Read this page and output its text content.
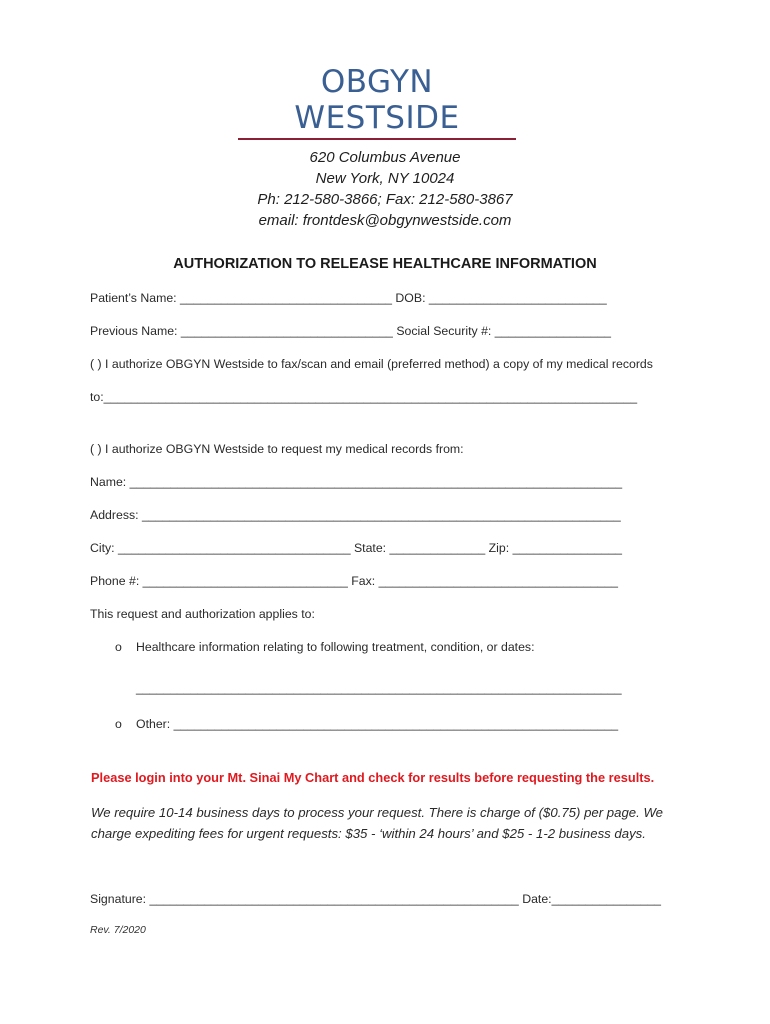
OBGYN WESTSIDE
620 Columbus Avenue
New York, NY 10024
Ph: 212-580-3866; Fax: 212-580-3867
email: frontdesk@obgynwestside.com
AUTHORIZATION TO RELEASE HEALTHCARE INFORMATION
Patient’s Name: _______________________________ DOB: __________________________
Previous Name: _______________________________ Social Security #: _________________
( ) I authorize OBGYN Westside to fax/scan and email (preferred method) a copy of my medical records
to:______________________________________________________________________________
( ) I authorize OBGYN Westside to request my medical records from:
Name: ________________________________________________________________________
Address: ______________________________________________________________________
City: __________________________________ State: ______________ Zip: ________________
Phone #: ______________________________ Fax: ___________________________________
This request and authorization applies to:
o Healthcare information relating to following treatment, condition, or dates:
_______________________________________________________________________
o Other: _________________________________________________________________
Please login into your Mt. Sinai My Chart and check for results before requesting the results.
We require 10-14 business days to process your request. There is charge of ($0.75) per page. We
charge expediting fees for urgent requests: $35 - ‘within 24 hours’ and $25 - 1-2 business days.
Signature: ______________________________________________________ Date:________________
Rev. 7/2020
